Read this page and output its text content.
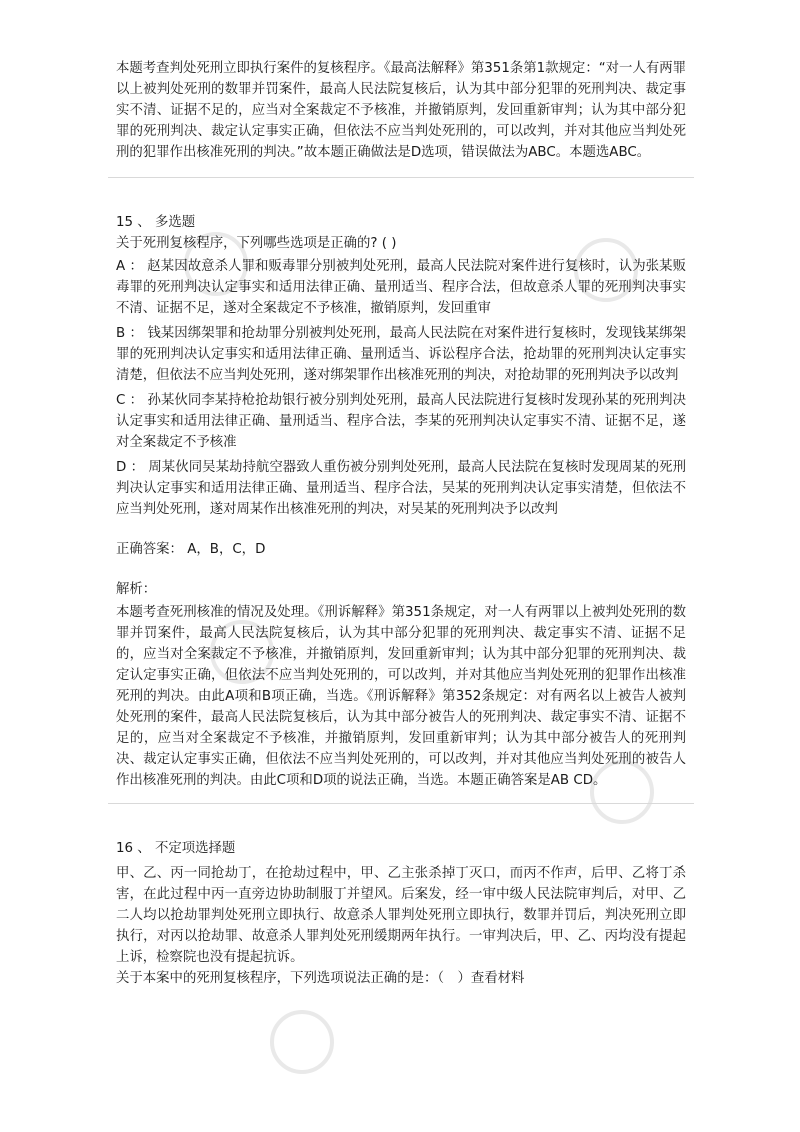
本题考查判处死刑立即执行案件的复核程序。《最高法解释》第351条第1款规定：“对一人有两罪以上被判处死刑的数罪并罚案件，最高人民法院复核后，认为其中部分犯罪的死刑判决、裁定事实不清、证据不足的，应当对全案裁定不予核准，并撤销原判，发回重新审判；认为其中部分犯罪的死刑判决、裁定认定事实正确，但依法不应当判处死刑的，可以改判，并对其他应当判处死刑的犯罪作出核准死刑的判决。”故本题正确做法是D选项，错误做法为ABC。本题选ABC。

15 、 多选题

关于死刑复核程序，下列哪些选项是正确的? ( )

A ： 赵某因故意杀人罪和贩毒罪分别被判处死刑，最高人民法院对案件进行复核时，认为张某贩毒罪的死刑判决认定事实和适用法律正确、量刑适当、程序合法，但故意杀人罪的死刑判决事实不清、证据不足，遂对全案裁定不予核准，撤销原判，发回重审

B ： 钱某因绑架罪和抢劫罪分别被判处死刑，最高人民法院在对案件进行复核时，发现钱某绑架罪的死刑判决认定事实和适用法律正确、量刑适当、诉讼程序合法，抢劫罪的死刑判决认定事实清楚，但依法不应当判处死刑，遂对绑架罪作出核准死刑的判决，对抢劫罪的死刑判决予以改判

C ： 孙某伙同李某持枪抢劫银行被分别判处死刑，最高人民法院进行复核时发现孙某的死刑判决认定事实和适用法律正确、量刑适当、程序合法，李某的死刑判决认定事实不清、证据不足，遂对全案裁定不予核准

D ： 周某伙同吴某劫持航空器致人重伤被分别判处死刑，最高人民法院在复核时发现周某的死刑判决认定事实和适用法律正确、量刑适当、程序合法，吴某的死刑判决认定事实清楚，但依法不应当判处死刑，遂对周某作出核准死刑的判决，对吴某的死刑判决予以改判

正确答案： A，B，C，D

解析：

本题考查死刑核准的情况及处理。《刑诉解释》第351条规定，对一人有两罪以上被判处死刑的数罪并罚案件，最高人民法院复核后，认为其中部分犯罪的死刑判决、裁定事实不清、证据不足的，应当对全案裁定不予核准，并撤销原判，发回重新审判；认为其中部分犯罪的死刑判决、裁定认定事实正确，但依法不应当判处死刑的，可以改判，并对其他应当判处死刑的犯罪作出核准死刑的判决。由此A项和B项正确，当选。《刑诉解释》第352条规定：对有两名以上被告人被判处死刑的案件，最高人民法院复核后，认为其中部分被告人的死刑判决、裁定事实不清、证据不足的，应当对全案裁定不予核准，并撤销原判，发回重新审判；认为其中部分被告人的死刑判决、裁定认定事实正确，但依法不应当判处死刑的，可以改判，并对其他应当判处死刑的被告人作出核准死刑的判决。由此C项和D项的说法正确，当选。本题正确答案是AB CD。

16 、 不定项选择题

甲、乙、丙一同抢劫丁，在抢劫过程中，甲、乙主张杀掉丁灭口，而丙不作声，后甲、乙将丁杀害，在此过程中丙一直旁边协助制服丁并望风。后案发，经一审中级人民法院审判后，对甲、乙二人均以抢劫罪判处死刑立即执行、故意杀人罪判处死刑立即执行，数罪并罚后，判决死刑立即执行，对丙以抢劫罪、故意杀人罪判处死刑缓期两年执行。一审判决后，甲、乙、丙均没有提起上诉，检察院也没有提起抗诉。

关于本案中的死刑复核程序，下列选项说法正确的是：（　）查看材料
